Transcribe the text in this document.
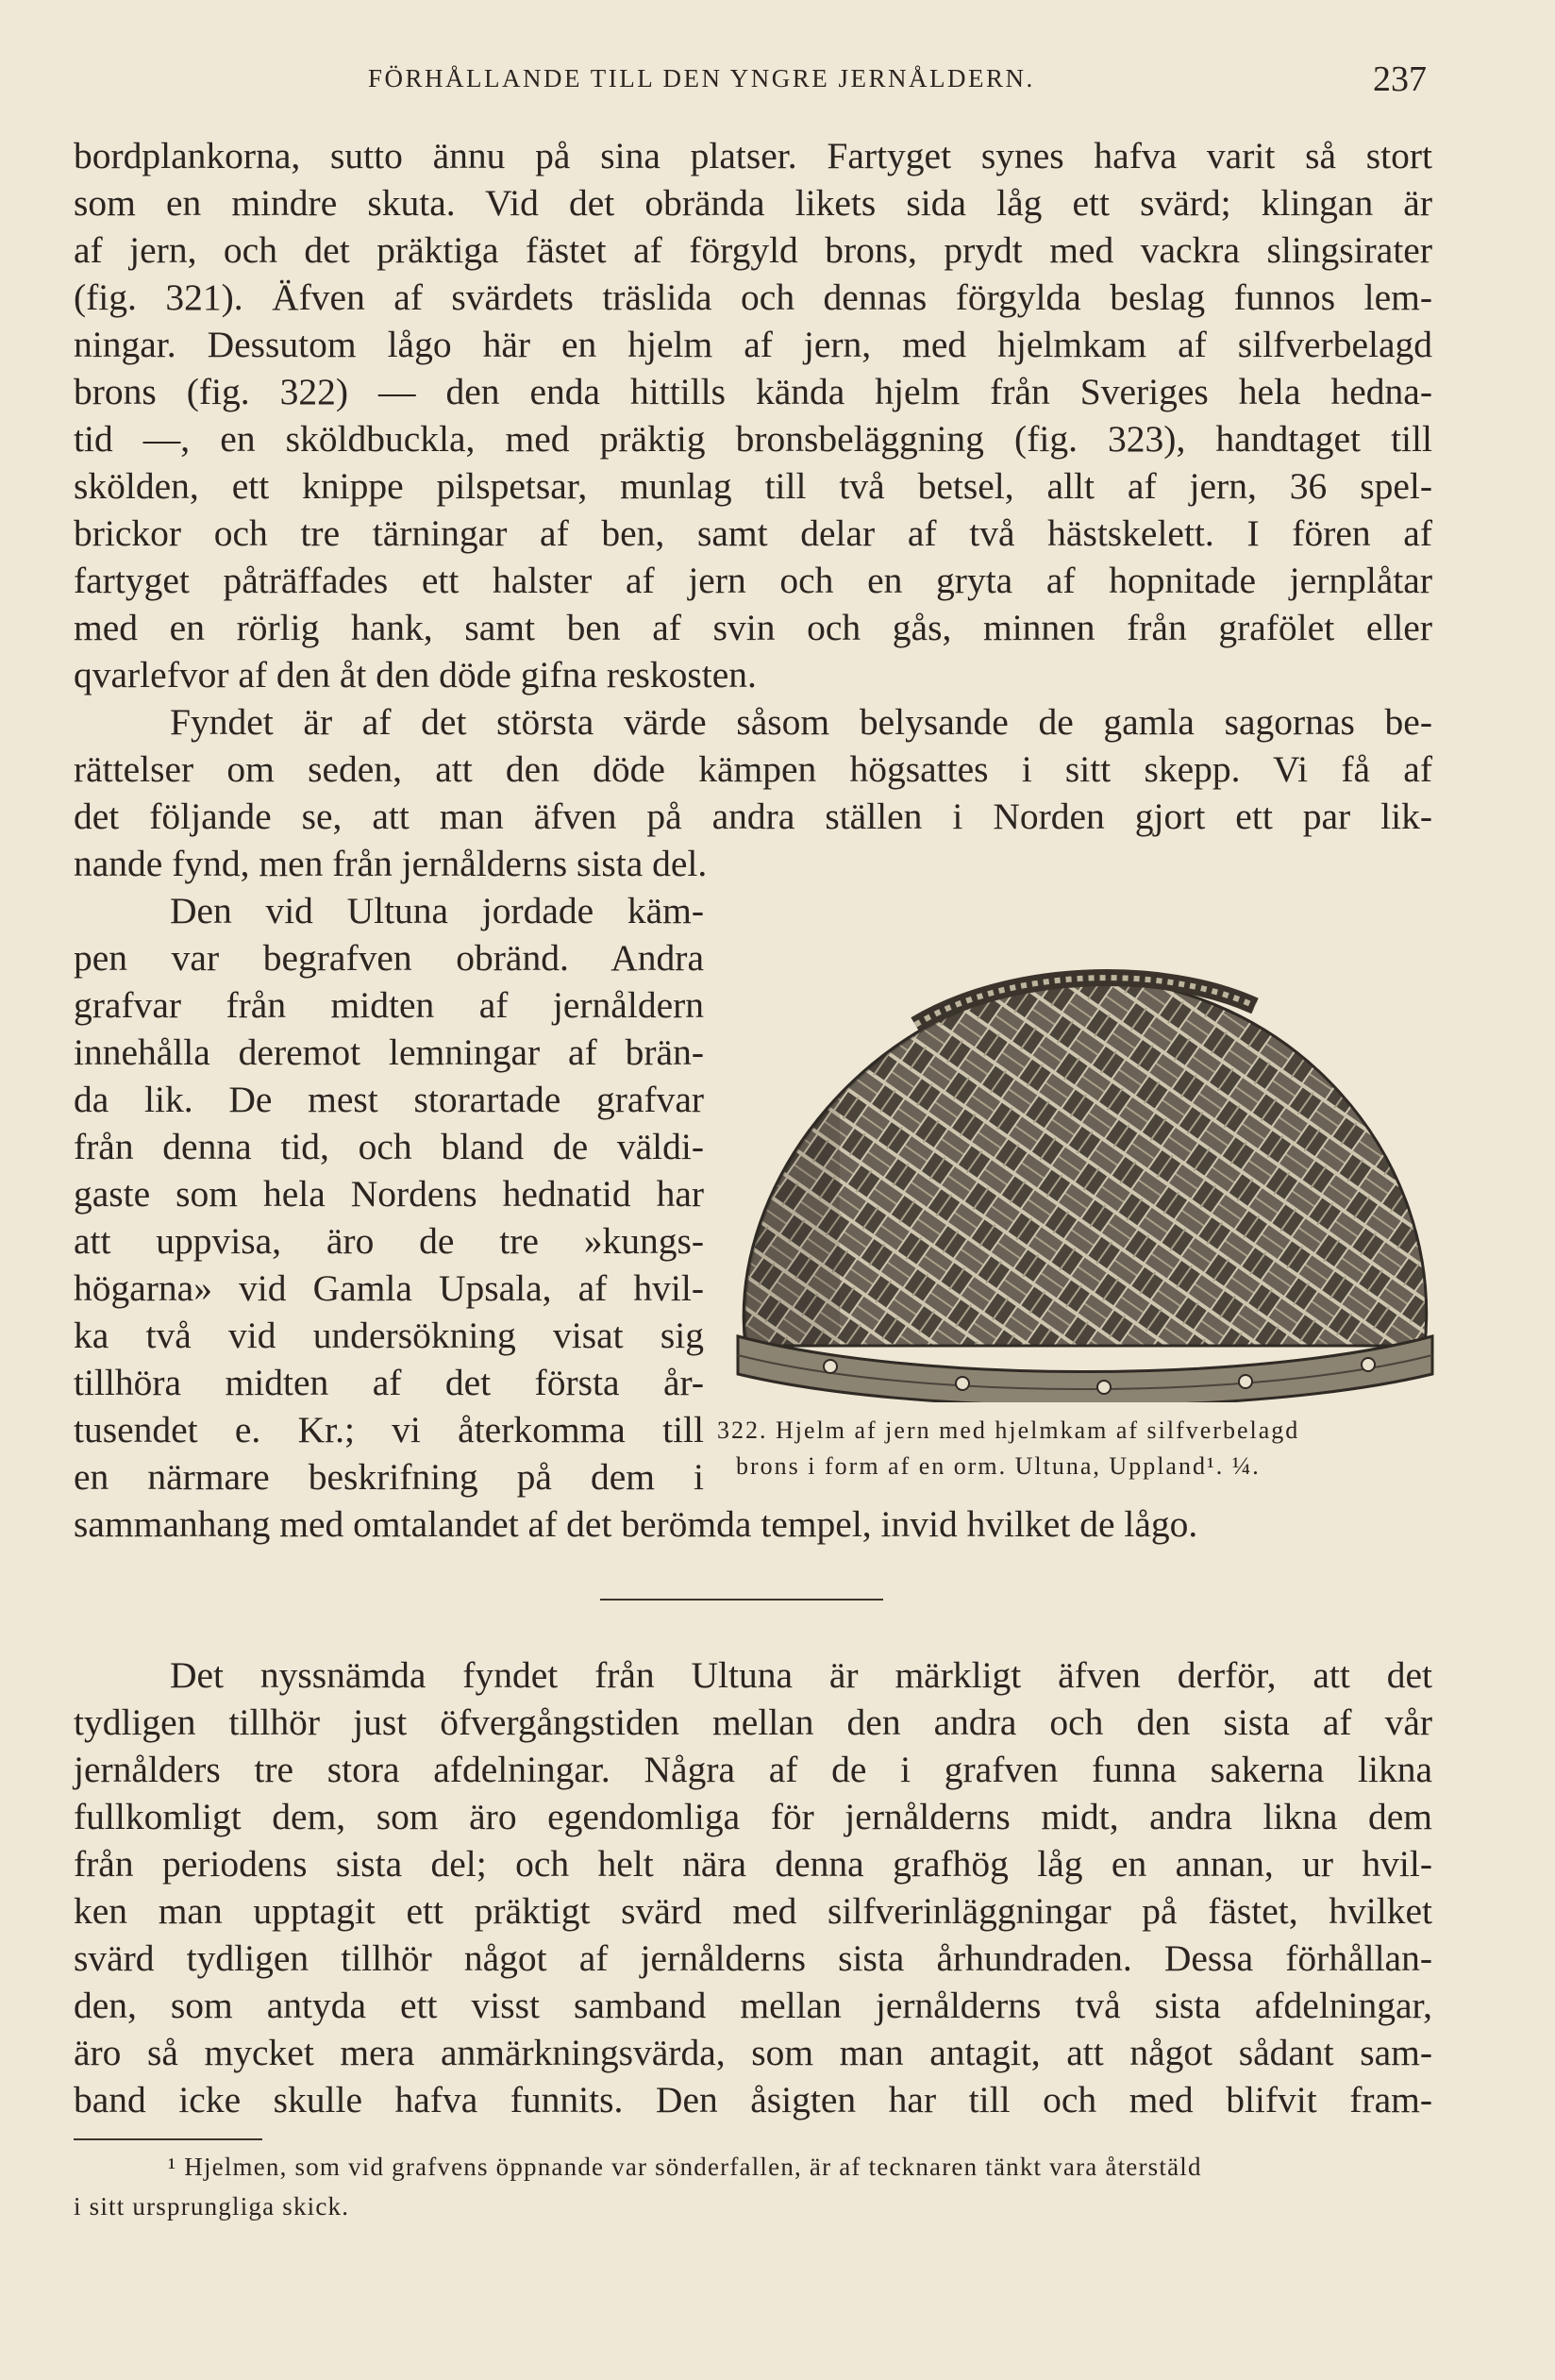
FÖRHÅLLANDE TILL DEN YNGRE JERNÅLDERN.	237
bordplankorna, sutto ännu på sina platser. Fartyget synes hafva varit så stort
som en mindre skuta. Vid det obrända likets sida låg ett svärd; klingan är
af jern, och det präktiga fästet af förgyld brons, prydt med vackra slingsirater
(fig. 321). Äfven af svärdets träslida och dennas förgylda beslag funnos lem-
ningar. Dessutom lågo här en hjelm af jern, med hjelmkam af silfverbelagd
brons (fig. 322) — den enda hittills kända hjelm från Sveriges hela hedna-
tid —, en sköldbuckla, med präktig bronsbeläggning (fig. 323), handtaget till
skölden, ett knippe pilspetsar, munlag till två betsel, allt af jern, 36 spel-
brickor och tre tärningar af ben, samt delar af två hästskelett. I fören af
fartyget påträffades ett halster af jern och en gryta af hopnitade jernplåtar
med en rörlig hank, samt ben af svin och gås, minnen från grafölet eller
qvarlefvor af den åt den döde gifna reskosten.
Fyndet är af det största värde såsom belysande de gamla sagornas be-
rättelser om seden, att den döde kämpen högsattes i sitt skepp. Vi få af
det följande se, att man äfven på andra ställen i Norden gjort ett par lik-
nande fynd, men från jernålderns sista del.
Den vid Ultuna jordade käm-
pen var begrafven obränd. Andra
grafvar från midten af jernåldern
innehålla deremot lemningar af brän-
da lik. De mest storartade grafvar
från denna tid, och bland de väldi-
gaste som hela Nordens hednatid har
att uppvisa, äro de tre »kungs-
högarna» vid Gamla Upsala, af hvil-
ka två vid undersökning visat sig
tillhöra midten af det första år-
tusendet e. Kr.; vi återkomma till
en närmare beskrifning på dem i
sammanhang med omtalandet af det berömda tempel, invid hvilket de lågo.
322. Hjelm af jern med hjelmkam af silfverbelagd
brons i form af en orm. Ultuna, Uppland¹. ¼.
Det nyssnämda fyndet från Ultuna är märkligt äfven derför, att det
tydligen tillhör just öfvergångstiden mellan den andra och den sista af vår
jernålders tre stora afdelningar. Några af de i grafven funna sakerna likna
fullkomligt dem, som äro egendomliga för jernålderns midt, andra likna dem
från periodens sista del; och helt nära denna grafhög låg en annan, ur hvil-
ken man upptagit ett präktigt svärd med silfverinläggningar på fästet, hvilket
svärd tydligen tillhör något af jernålderns sista århundraden. Dessa förhållan-
den, som antyda ett visst samband mellan jernålderns två sista afdelningar,
äro så mycket mera anmärkningsvärda, som man antagit, att något sådant sam-
band icke skulle hafva funnits. Den åsigten har till och med blifvit fram-
¹ Hjelmen, som vid grafvens öppnande var sönderfallen, är af tecknaren tänkt vara återstäld
i sitt ursprungliga skick.
